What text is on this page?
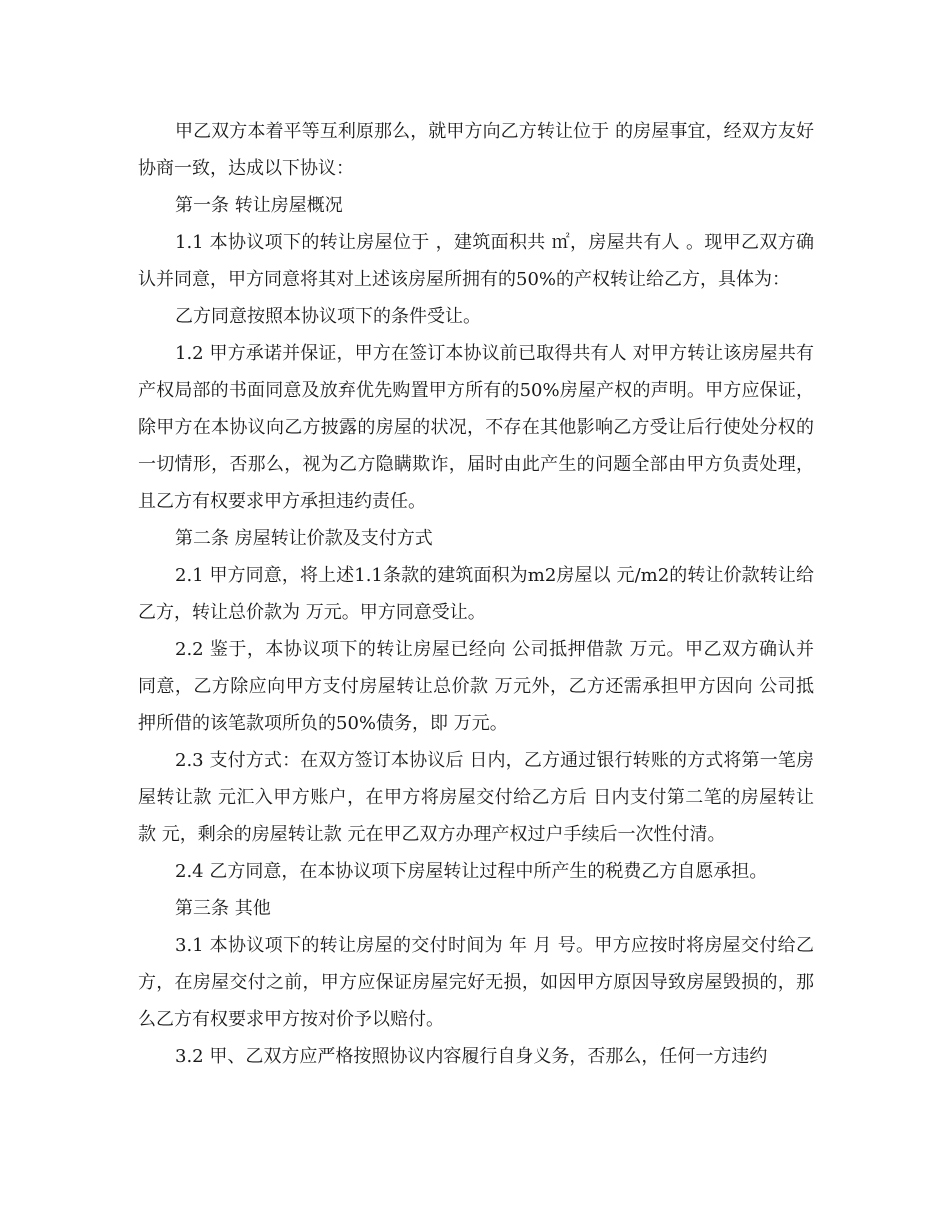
甲乙双方本着平等互利原那么，就甲方向乙方转让位于 的房屋事宜，经双方友好协商一致，达成以下协议：

第一条 转让房屋概况

1.1 本协议项下的转让房屋位于 ，建筑面积共 ㎡，房屋共有人 。现甲乙双方确认并同意，甲方同意将其对上述该房屋所拥有的50%的产权转让给乙方，具体为：

乙方同意按照本协议项下的条件受让。

1.2 甲方承诺并保证，甲方在签订本协议前已取得共有人 对甲方转让该房屋共有产权局部的书面同意及放弃优先购置甲方所有的50%房屋产权的声明。甲方应保证，除甲方在本协议向乙方披露的房屋的状况，不存在其他影响乙方受让后行使处分权的一切情形，否那么，视为乙方隐瞒欺诈，届时由此产生的问题全部由甲方负责处理，且乙方有权要求甲方承担违约责任。

第二条 房屋转让价款及支付方式

2.1 甲方同意，将上述1.1条款的建筑面积为m2房屋以 元/m2的转让价款转让给乙方，转让总价款为 万元。甲方同意受让。

2.2 鉴于，本协议项下的转让房屋已经向 公司抵押借款 万元。甲乙双方确认并同意，乙方除应向甲方支付房屋转让总价款 万元外，乙方还需承担甲方因向 公司抵押所借的该笔款项所负的50%债务，即 万元。

2.3 支付方式：在双方签订本协议后 日内，乙方通过银行转账的方式将第一笔房屋转让款 元汇入甲方账户，在甲方将房屋交付给乙方后 日内支付第二笔的房屋转让款 元，剩余的房屋转让款 元在甲乙双方办理产权过户手续后一次性付清。

2.4 乙方同意，在本协议项下房屋转让过程中所产生的税费乙方自愿承担。

第三条 其他

3.1 本协议项下的转让房屋的交付时间为 年 月 号。甲方应按时将房屋交付给乙方，在房屋交付之前，甲方应保证房屋完好无损，如因甲方原因导致房屋毁损的，那么乙方有权要求甲方按对价予以赔付。

3.2 甲、乙双方应严格按照协议内容履行自身义务，否那么，任何一方违约
